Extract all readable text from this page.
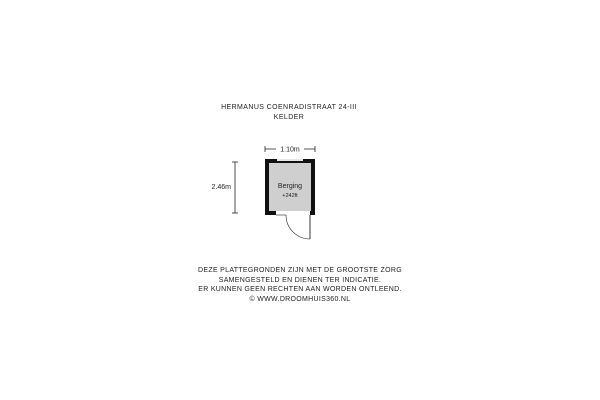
HERMANUS COENRADISTRAAT 24-III
KELDER
1.10m
2.46m	Berging
+242ft
DEZE PLATTEGRONDEN ZIJN MET DE GROOTSTE ZORG
SAMENGESTELD EN DIENEN TER INDICATIE.
ER KUNNEN GEEN RECHTEN AAN WORDEN ONTLEEND.
© WWW.DROOMHUIS360.NL
